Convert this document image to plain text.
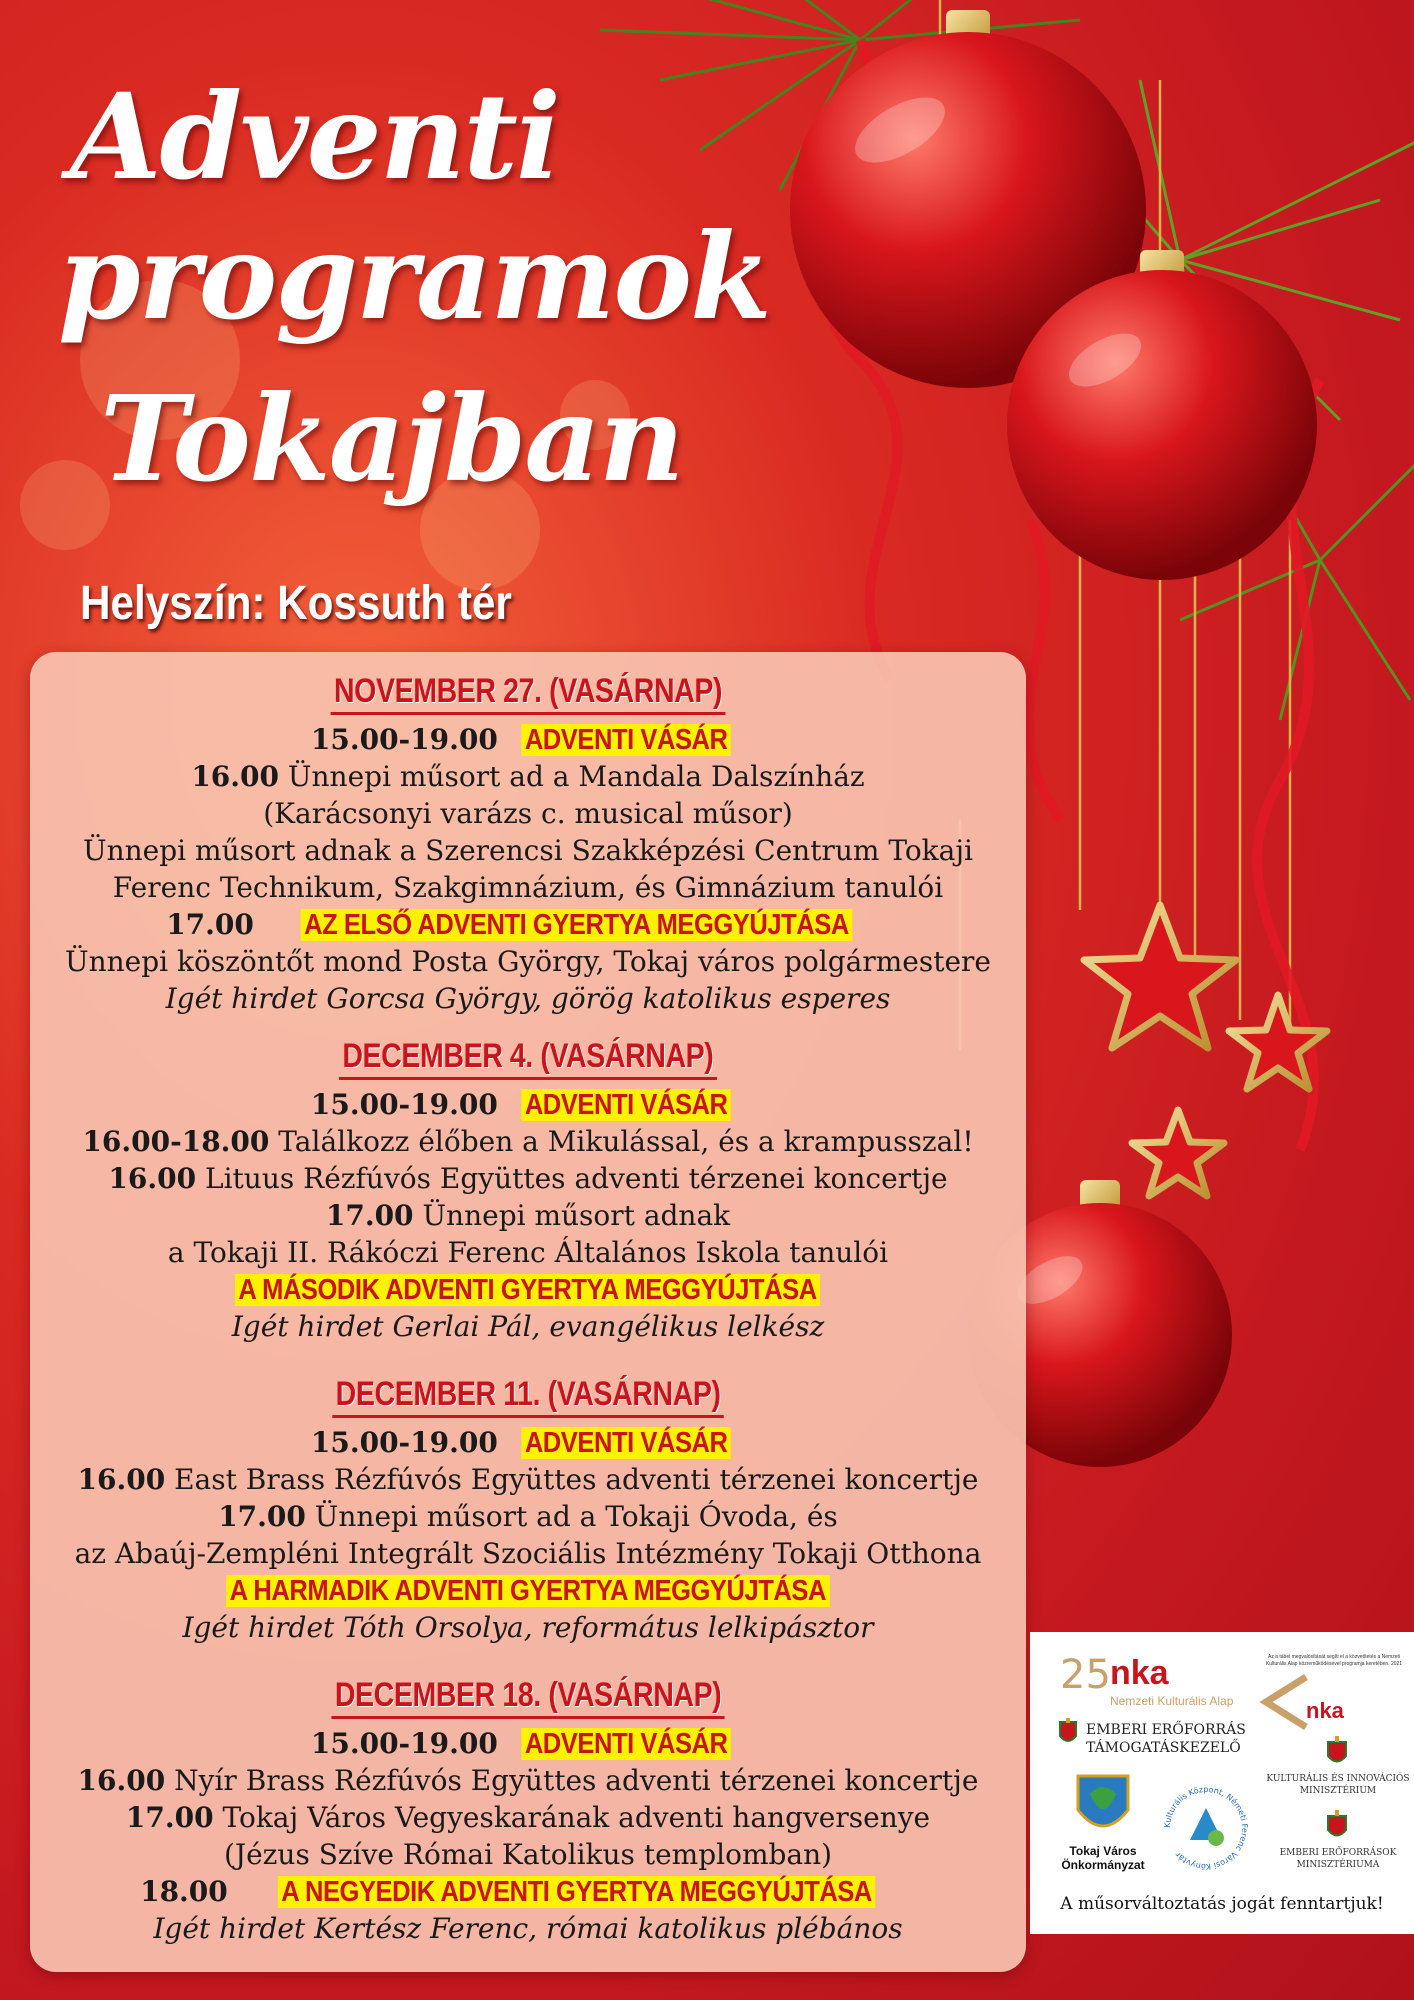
Adventi
programok
Tokajban
Helyszín: Kossuth tér
NOVEMBER 27. (VASÁRNAP)
15.00-19.00 ADVENTI VÁSÁR
16.00 Ünnepi műsort ad a Mandala Dalszínház
(Karácsonyi varázs c. musical műsor)
Ünnepi műsort adnak a Szerencsi Szakképzési Centrum Tokaji
Ferenc Technikum, Szakgimnázium, és Gimnázium tanulói
17.00 AZ ELSŐ ADVENTI GYERTYA MEGGYÚJTÁSA
Ünnepi köszöntőt mond Posta György, Tokaj város polgármestere
Igét hirdet Gorcsa György, görög katolikus esperes
DECEMBER 4. (VASÁRNAP)
15.00-19.00 ADVENTI VÁSÁR
16.00-18.00 Találkozz élőben a Mikulással, és a krampusszal!
16.00 Lituus Rézfúvós Együttes adventi térzenei koncertje
17.00 Ünnepi műsort adnak
a Tokaji II. Rákóczi Ferenc Általános Iskola tanulói
A MÁSODIK ADVENTI GYERTYA MEGGYÚJTÁSA
Igét hirdet Gerlai Pál, evangélikus lelkész
DECEMBER 11. (VASÁRNAP)
15.00-19.00 ADVENTI VÁSÁR
16.00 East Brass Rézfúvós Együttes adventi térzenei koncertje
17.00 Ünnepi műsort ad a Tokaji Óvoda, és
az Abaúj-Zempléni Integrált Szociális Intézmény Tokaji Otthona
A HARMADIK ADVENTI GYERTYA MEGGYÚJTÁSA
Igét hirdet Tóth Orsolya, református lelkipásztor
DECEMBER 18. (VASÁRNAP)
15.00-19.00 ADVENTI VÁSÁR
16.00 Nyír Brass Rézfúvós Együttes adventi térzenei koncertje
17.00 Tokaj Város Vegyeskarának adventi hangversenye
(Jézus Szíve Római Katolikus templomban)
18.00 A NEGYEDIK ADVENTI GYERTYA MEGGYÚJTÁSA
Igét hirdet Kertész Ferenc, római katolikus plébános
25 nka
Nemzeti Kulturális Alap
Az a tábel megvalósítását segíti el a közvetítetés a Nemzeti Kulturális Alap közreműködésével programja keretében. 2021
nka
EMBERI ERŐFORRÁS
TÁMOGATÁSKEZELŐ
KULTURÁLIS ÉS INNOVÁCIÓS
MINISZTÉRIUM
Tokaj Város
Önkormányzat
Kulturális Központ, Németi Ferenc Városi Könyvtár	EMBERI ERŐFORRÁSOK
MINISZTÉRIUMA
A műsorváltoztatás jogát fenntartjuk!
